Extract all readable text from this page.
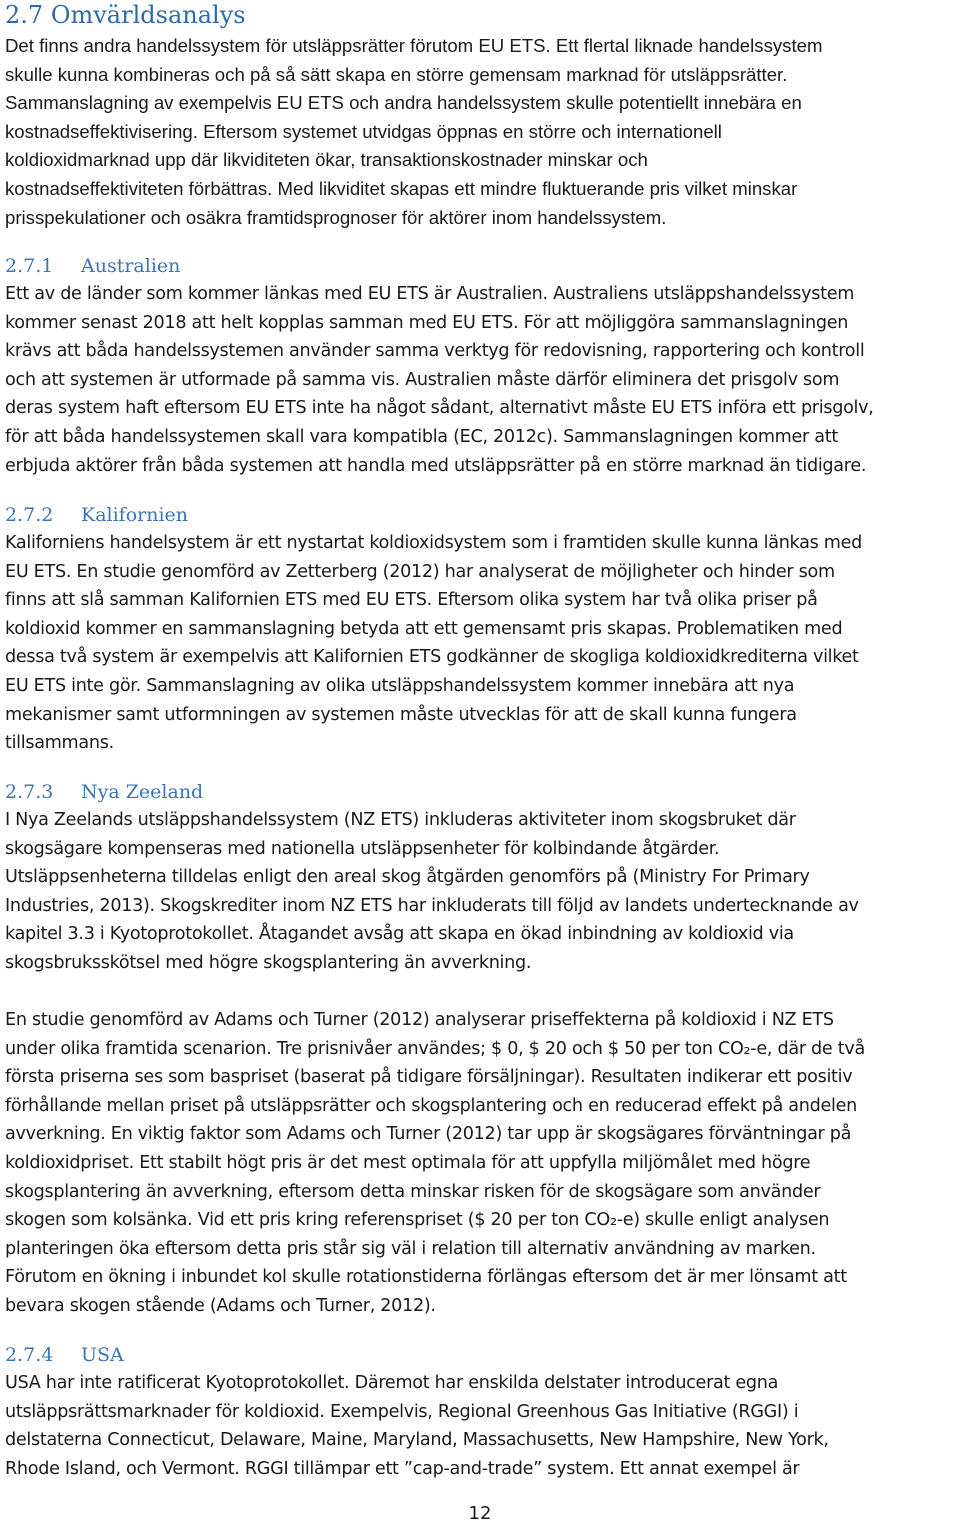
2.7 Omvärldsanalys
Det finns andra handelssystem för utsläppsrätter förutom EU ETS. Ett flertal liknade handelssystem
skulle kunna kombineras och på så sätt skapa en större gemensam marknad för utsläppsrätter.
Sammanslagning av exempelvis EU ETS och andra handelssystem skulle potentiellt innebära en
kostnadseffektivisering. Eftersom systemet utvidgas öppnas en större och internationell
koldioxidmarknad upp där likviditeten ökar, transaktionskostnader minskar och
kostnadseffektiviteten förbättras. Med likviditet skapas ett mindre fluktuerande pris vilket minskar
prisspekulationer och osäkra framtidsprognoser för aktörer inom handelssystem.
2.7.1 Australien
Ett av de länder som kommer länkas med EU ETS är Australien. Australiens utsläppshandelssystem
kommer senast 2018 att helt kopplas samman med EU ETS. För att möjliggöra sammanslagningen
krävs att båda handelssystemen använder samma verktyg för redovisning, rapportering och kontroll
och att systemen är utformade på samma vis. Australien måste därför eliminera det prisgolv som
deras system haft eftersom EU ETS inte ha något sådant, alternativt måste EU ETS införa ett prisgolv,
för att båda handelssystemen skall vara kompatibla (EC, 2012c). Sammanslagningen kommer att
erbjuda aktörer från båda systemen att handla med utsläppsrätter på en större marknad än tidigare.
2.7.2 Kalifornien
Kaliforniens handelsystem är ett nystartat koldioxidsystem som i framtiden skulle kunna länkas med
EU ETS. En studie genomförd av Zetterberg (2012) har analyserat de möjligheter och hinder som
finns att slå samman Kalifornien ETS med EU ETS. Eftersom olika system har två olika priser på
koldioxid kommer en sammanslagning betyda att ett gemensamt pris skapas. Problematiken med
dessa två system är exempelvis att Kalifornien ETS godkänner de skogliga koldioxidkrediterna vilket
EU ETS inte gör. Sammanslagning av olika utsläppshandelssystem kommer innebära att nya
mekanismer samt utformningen av systemen måste utvecklas för att de skall kunna fungera
tillsammans.
2.7.3 Nya Zeeland
I Nya Zeelands utsläppshandelssystem (NZ ETS) inkluderas aktiviteter inom skogsbruket där
skogsägare kompenseras med nationella utsläppsenheter för kolbindande åtgärder.
Utsläppsenheterna tilldelas enligt den areal skog åtgärden genomförs på (Ministry For Primary
Industries, 2013). Skogskrediter inom NZ ETS har inkluderats till följd av landets undertecknande av
kapitel 3.3 i Kyotoprotokollet. Åtagandet avsåg att skapa en ökad inbindning av koldioxid via
skogsbruksskötsel med högre skogsplantering än avverkning.
En studie genomförd av Adams och Turner (2012) analyserar priseffekterna på koldioxid i NZ ETS
under olika framtida scenarion. Tre prisnivåer användes; $ 0, $ 20 och $ 50 per ton CO₂-e, där de två
första priserna ses som baspriset (baserat på tidigare försäljningar). Resultaten indikerar ett positiv
förhållande mellan priset på utsläppsrätter och skogsplantering och en reducerad effekt på andelen
avverkning. En viktig faktor som Adams och Turner (2012) tar upp är skogsägares förväntningar på
koldioxidpriset. Ett stabilt högt pris är det mest optimala för att uppfylla miljömålet med högre
skogsplantering än avverkning, eftersom detta minskar risken för de skogsägare som använder
skogen som kolsänka. Vid ett pris kring referenspriset ($ 20 per ton CO₂-e) skulle enligt analysen
planteringen öka eftersom detta pris står sig väl i relation till alternativ användning av marken.
Förutom en ökning i inbundet kol skulle rotationstiderna förlängas eftersom det är mer lönsamt att
bevara skogen stående (Adams och Turner, 2012).
2.7.4 USA
USA har inte ratificerat Kyotoprotokollet. Däremot har enskilda delstater introducerat egna
utsläppsrättsmarknader för koldioxid. Exempelvis, Regional Greenhous Gas Initiative (RGGI) i
delstaterna Connecticut, Delaware, Maine, Maryland, Massachusetts, New Hampshire, New York,
Rhode Island, och Vermont. RGGI tillämpar ett ”cap-and-trade” system. Ett annat exempel är
12
